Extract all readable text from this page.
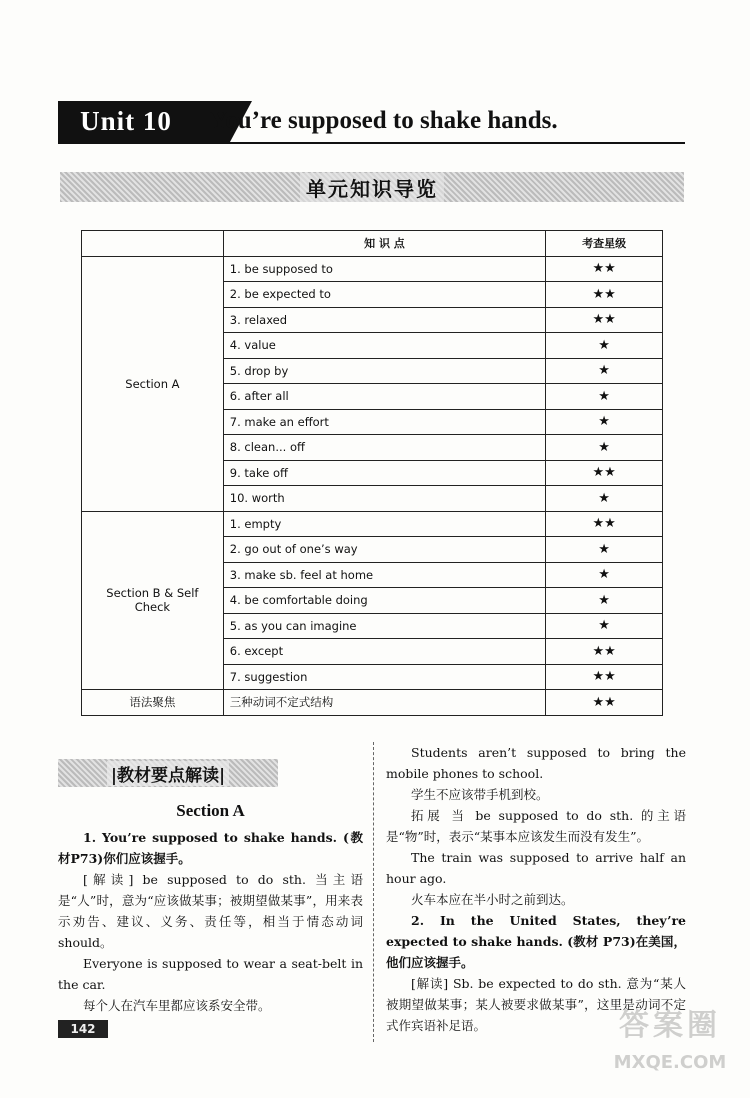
Unit 10	You’re supposed to shake hands.
单元知识导览
	知 识 点	考查星级
Section A	1. be supposed to	★★
	2. be expected to	★★
	3. relaxed	★★
	4. value	★
	5. drop by	★
	6. after all	★
	7. make an effort	★
	8. clean... off	★
	9. take off	★★
	10. worth	★
Section B & Self Check	1. empty	★★
	2. go out of one’s way	★
	3. make sb. feel at home	★
	4. be comfortable doing	★
	5. as you can imagine	★
	6. except	★★
	7. suggestion	★★
语法聚焦	三种动词不定式结构	★★
|教材要点解读|
Section A

1. You’re supposed to shake hands. (教材P73)你们应该握手。

[解读] be supposed to do sth. 当主语是“人”时，意为“应该做某事；被期望做某事”，用来表示劝告、建议、义务、责任等，相当于情态动词 should。

Everyone is supposed to wear a seat-belt in the car.

每个人在汽车里都应该系安全带。

Students aren’t supposed to bring the mobile phones to school.

学生不应该带手机到校。

拓展 当 be supposed to do sth. 的主语是“物”时，表示“某事本应该发生而没有发生”。

The train was supposed to arrive half an hour ago.

火车本应在半小时之前到达。

2. In the United States, they’re expected to shake hands. (教材 P73)在美国，他们应该握手。

[解读] Sb. be expected to do sth. 意为“某人被期望做某事；某人被要求做某事”，这里是动词不定式作宾语补足语。

142	答案圈
MXQE.COM
